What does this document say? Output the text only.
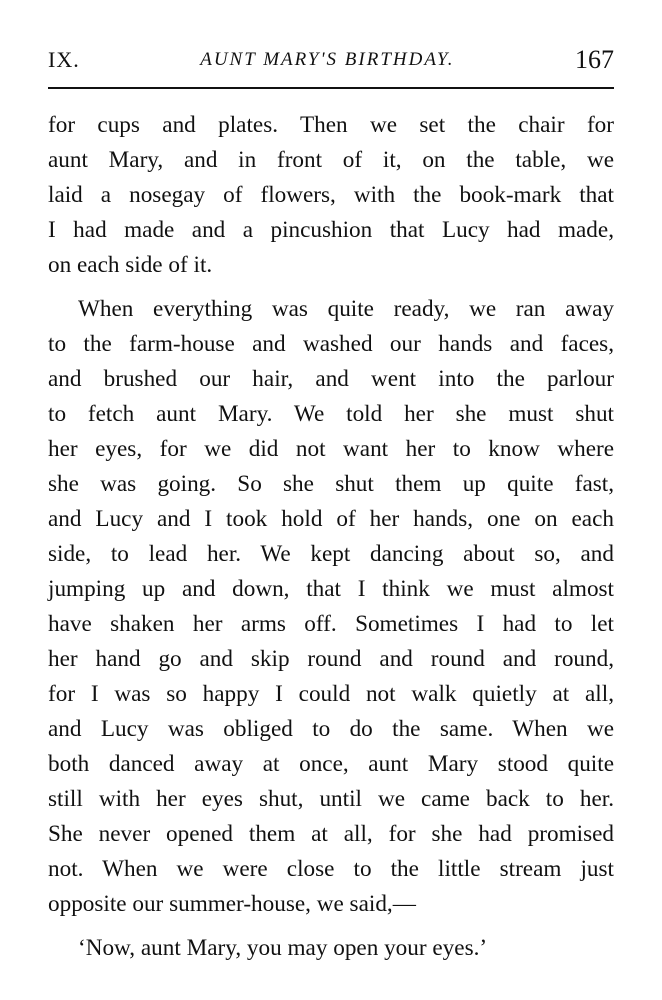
IX.	AUNT MARY'S BIRTHDAY.	167
for cups and plates. Then we set the chair for
aunt Mary, and in front of it, on the table, we
laid a nosegay of flowers, with the book-mark that
I had made and a pincushion that Lucy had made,
on each side of it.
When everything was quite ready, we ran away
to the farm-house and washed our hands and faces,
and brushed our hair, and went into the parlour
to fetch aunt Mary. We told her she must shut
her eyes, for we did not want her to know where
she was going. So she shut them up quite fast,
and Lucy and I took hold of her hands, one on each
side, to lead her. We kept dancing about so, and
jumping up and down, that I think we must almost
have shaken her arms off. Sometimes I had to let
her hand go and skip round and round and round,
for I was so happy I could not walk quietly at all,
and Lucy was obliged to do the same. When we
both danced away at once, aunt Mary stood quite
still with her eyes shut, until we came back to her.
She never opened them at all, for she had promised
not. When we were close to the little stream just
opposite our summer-house, we said,—
‘Now, aunt Mary, you may open your eyes.’
